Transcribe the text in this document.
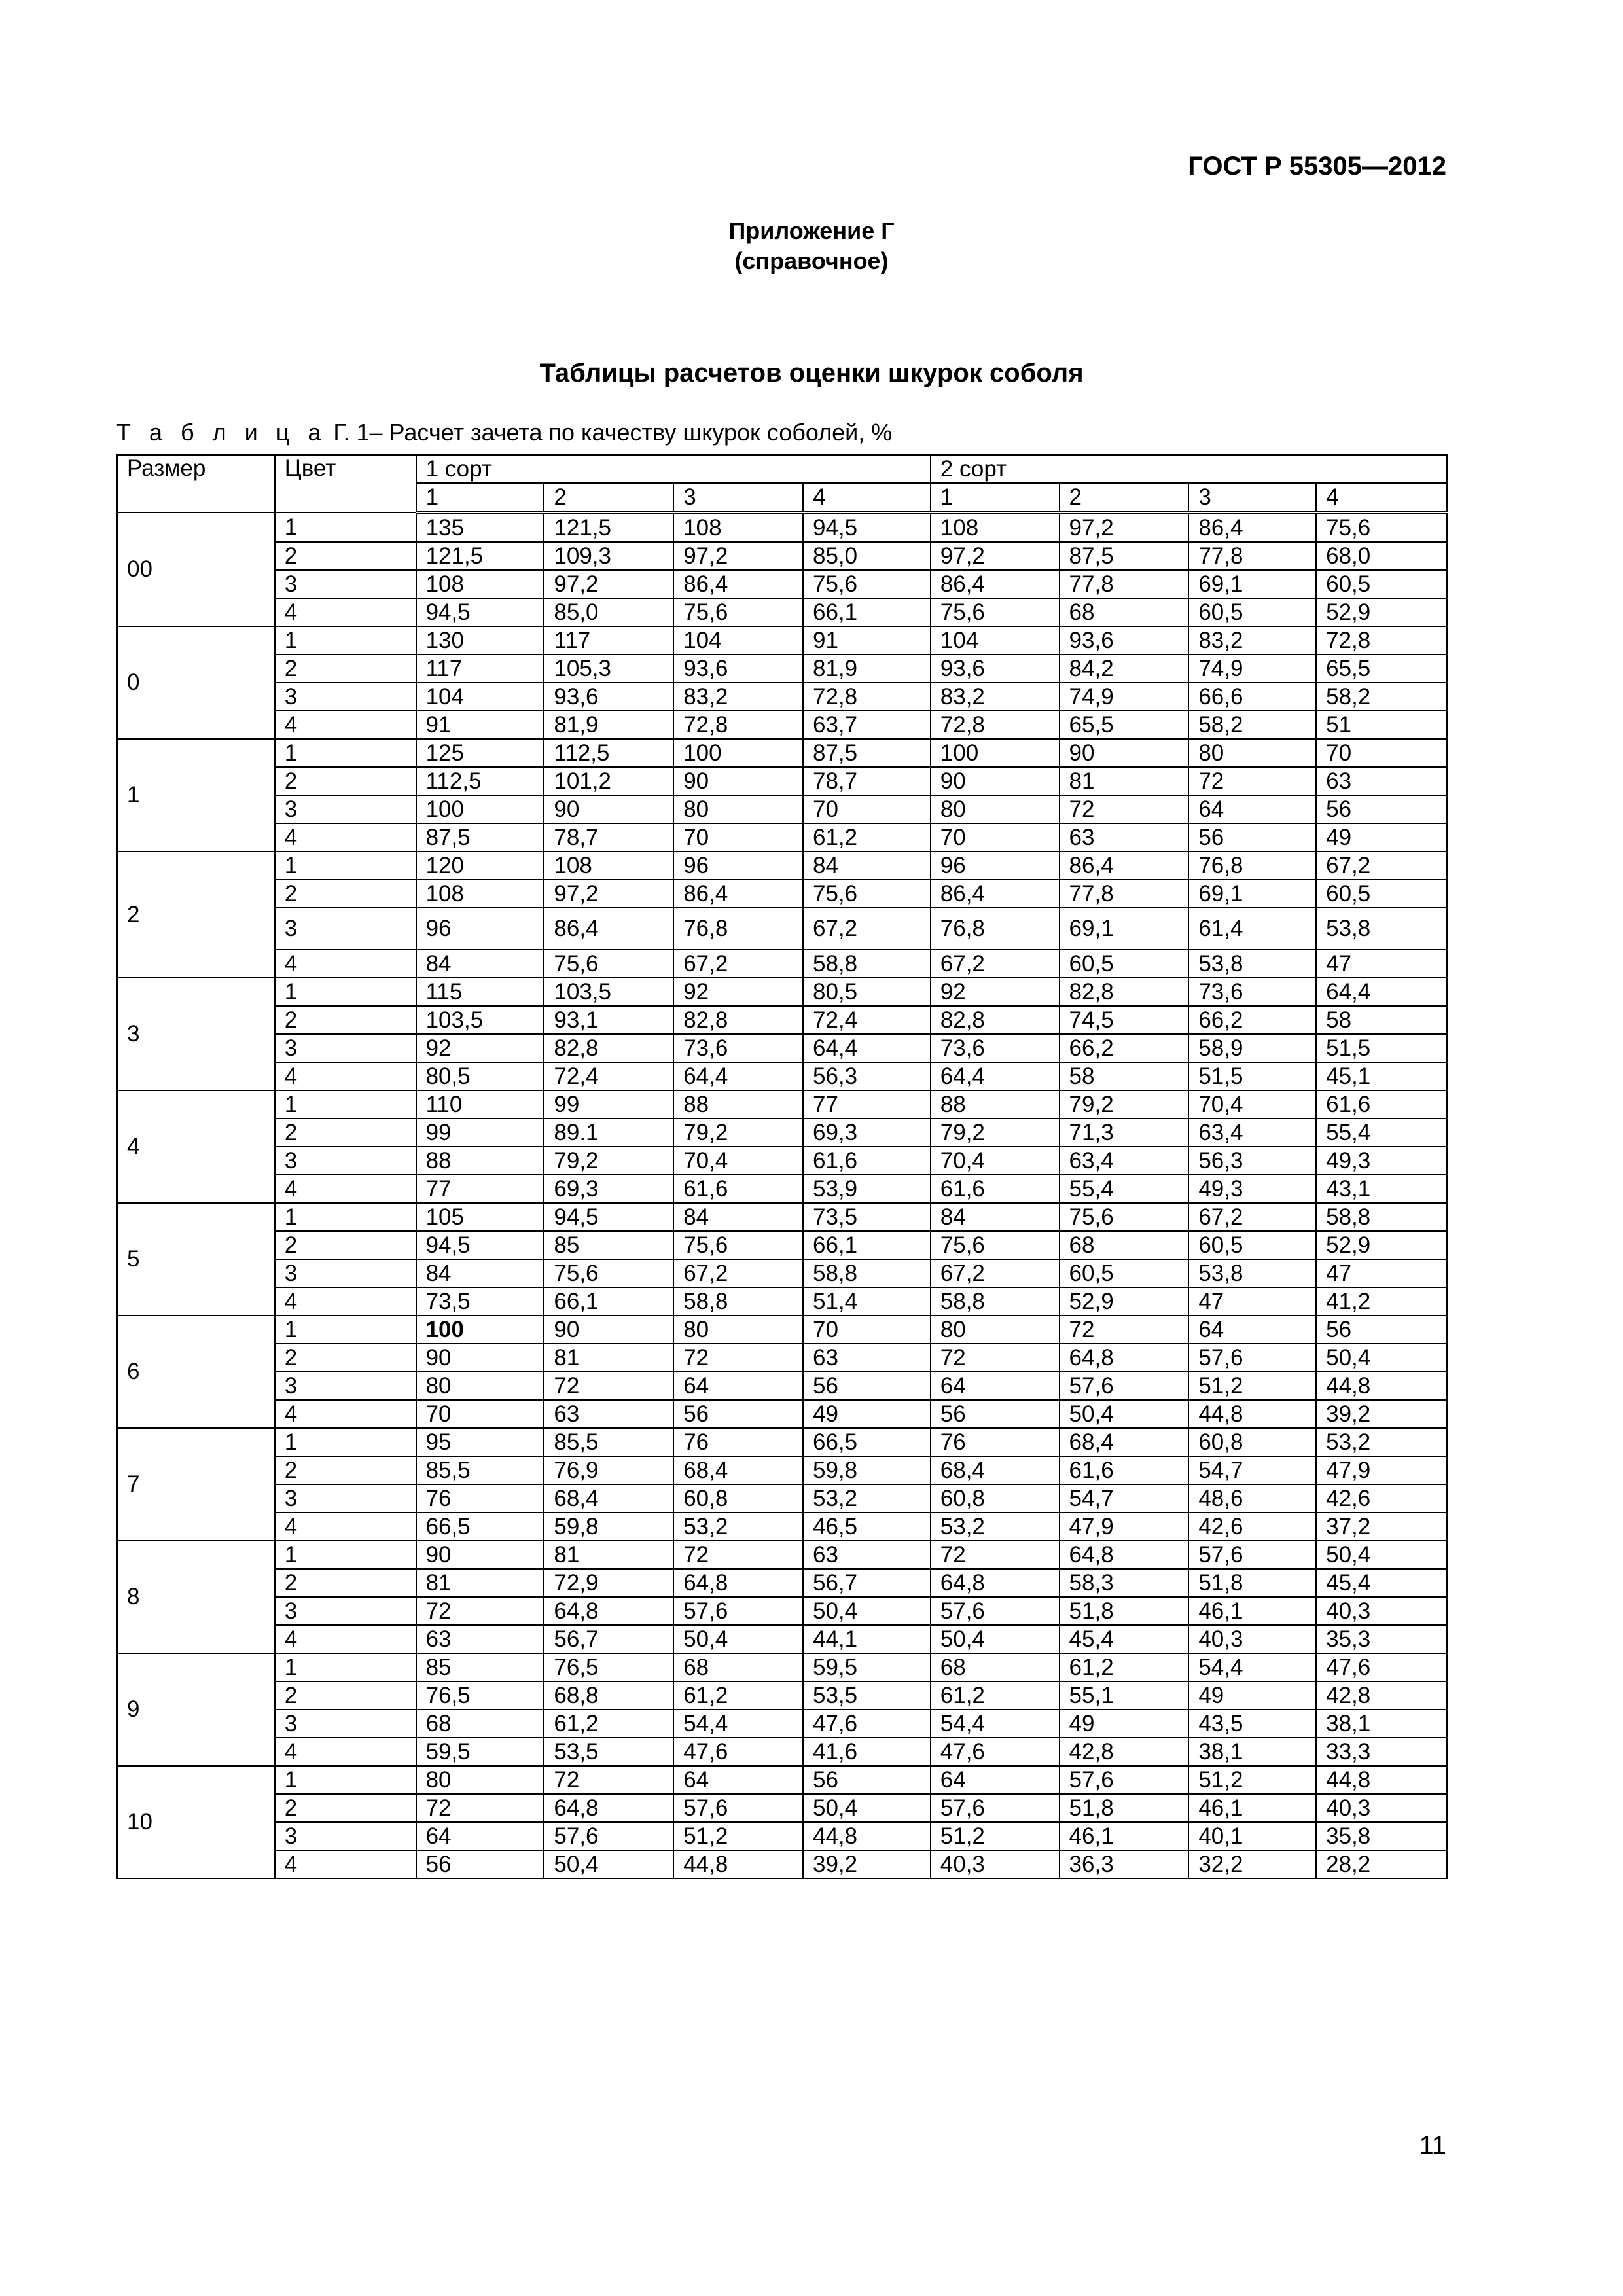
ГОСТ Р 55305—2012
Приложение Г
(справочное)
Таблицы расчетов оценки шкурок соболя
Т а б л и ц а Г. 1– Расчет зачета по качеству шкурок соболей, %
Размер	Цвет	1 сорт				2 сорт			
		1	2	3	4	1	2	3	4
00	1	135	121,5	108	94,5	108	97,2	86,4	75,6
	2	121,5	109,3	97,2	85,0	97,2	87,5	77,8	68,0
	3	108	97,2	86,4	75,6	86,4	77,8	69,1	60,5
	4	94,5	85,0	75,6	66,1	75,6	68	60,5	52,9
0	1	130	117	104	91	104	93,6	83,2	72,8
	2	117	105,3	93,6	81,9	93,6	84,2	74,9	65,5
	3	104	93,6	83,2	72,8	83,2	74,9	66,6	58,2
	4	91	81,9	72,8	63,7	72,8	65,5	58,2	51
1	1	125	112,5	100	87,5	100	90	80	70
	2	112,5	101,2	90	78,7	90	81	72	63
	3	100	90	80	70	80	72	64	56
	4	87,5	78,7	70	61,2	70	63	56	49
2	1	120	108	96	84	96	86,4	76,8	67,2
	2	108	97,2	86,4	75,6	86,4	77,8	69,1	60,5
	3	96	86,4	76,8	67,2	76,8	69,1	61,4	53,8
	4	84	75,6	67,2	58,8	67,2	60,5	53,8	47
3	1	115	103,5	92	80,5	92	82,8	73,6	64,4
	2	103,5	93,1	82,8	72,4	82,8	74,5	66,2	58
	3	92	82,8	73,6	64,4	73,6	66,2	58,9	51,5
	4	80,5	72,4	64,4	56,3	64,4	58	51,5	45,1
4	1	110	99	88	77	88	79,2	70,4	61,6
	2	99	89.1	79,2	69,3	79,2	71,3	63,4	55,4
	3	88	79,2	70,4	61,6	70,4	63,4	56,3	49,3
	4	77	69,3	61,6	53,9	61,6	55,4	49,3	43,1
5	1	105	94,5	84	73,5	84	75,6	67,2	58,8
	2	94,5	85	75,6	66,1	75,6	68	60,5	52,9
	3	84	75,6	67,2	58,8	67,2	60,5	53,8	47
	4	73,5	66,1	58,8	51,4	58,8	52,9	47	41,2
6	1	100	90	80	70	80	72	64	56
	2	90	81	72	63	72	64,8	57,6	50,4
	3	80	72	64	56	64	57,6	51,2	44,8
	4	70	63	56	49	56	50,4	44,8	39,2
7	1	95	85,5	76	66,5	76	68,4	60,8	53,2
	2	85,5	76,9	68,4	59,8	68,4	61,6	54,7	47,9
	3	76	68,4	60,8	53,2	60,8	54,7	48,6	42,6
	4	66,5	59,8	53,2	46,5	53,2	47,9	42,6	37,2
8	1	90	81	72	63	72	64,8	57,6	50,4
	2	81	72,9	64,8	56,7	64,8	58,3	51,8	45,4
	3	72	64,8	57,6	50,4	57,6	51,8	46,1	40,3
	4	63	56,7	50,4	44,1	50,4	45,4	40,3	35,3
9	1	85	76,5	68	59,5	68	61,2	54,4	47,6
	2	76,5	68,8	61,2	53,5	61,2	55,1	49	42,8
	3	68	61,2	54,4	47,6	54,4	49	43,5	38,1
	4	59,5	53,5	47,6	41,6	47,6	42,8	38,1	33,3
10	1	80	72	64	56	64	57,6	51,2	44,8
	2	72	64,8	57,6	50,4	57,6	51,8	46,1	40,3
	3	64	57,6	51,2	44,8	51,2	46,1	40,1	35,8
	4	56	50,4	44,8	39,2	40,3	36,3	32,2	28,2
11
